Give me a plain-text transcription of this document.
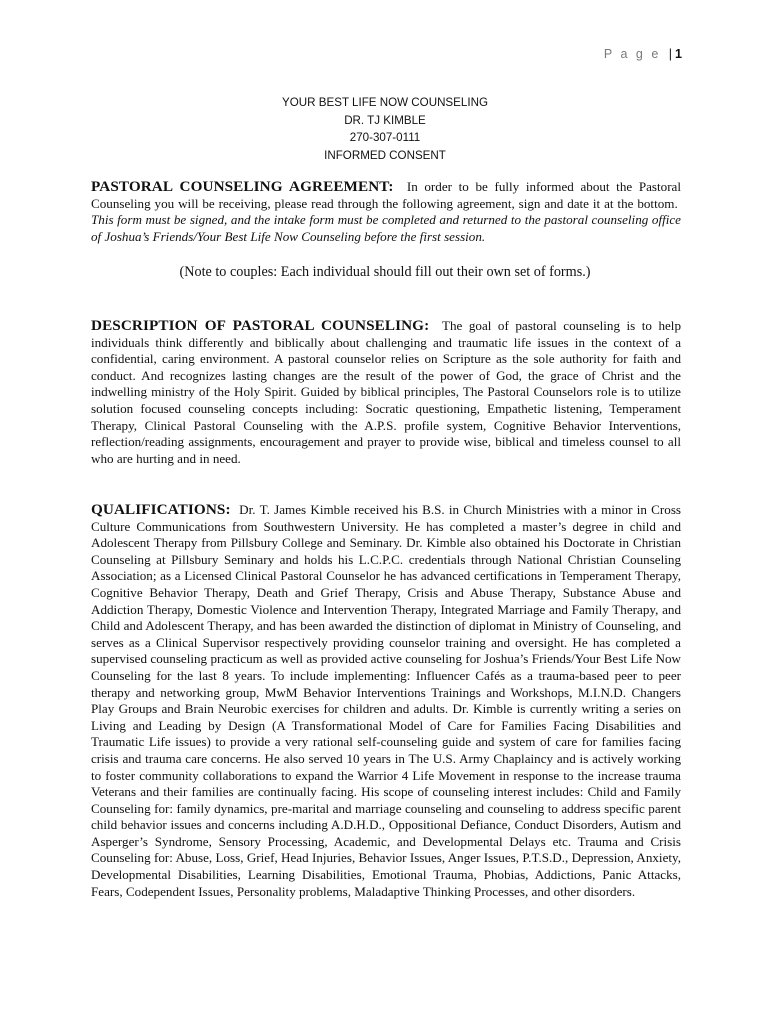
P a g e | 1
YOUR BEST LIFE NOW COUNSELING
DR. TJ KIMBLE
270-307-0111
INFORMED CONSENT
PASTORAL COUNSELING AGREEMENT: In order to be fully informed about the Pastoral Counseling you will be receiving, please read through the following agreement, sign and date it at the bottom.  This form must be signed, and the intake form must be completed and returned to the pastoral counseling office of Joshua’s Friends/Your Best Life Now Counseling before the first session.
(Note to couples: Each individual should fill out their own set of forms.)
DESCRIPTION OF PASTORAL COUNSELING: The goal of pastoral counseling is to help individuals think differently and biblically about challenging and traumatic life issues in the context of a confidential, caring environment. A pastoral counselor relies on Scripture as the sole authority for faith and conduct. And recognizes lasting changes are the result of the power of God, the grace of Christ and the indwelling ministry of the Holy Spirit. Guided by biblical principles, The Pastoral Counselors role is to utilize solution focused counseling concepts including: Socratic questioning, Empathetic listening, Temperament Therapy, Clinical Pastoral Counseling with the A.P.S. profile system, Cognitive Behavior Interventions, reflection/reading assignments, encouragement and prayer to provide wise, biblical and timeless counsel to all who are hurting and in need.
QUALIFICATIONS: Dr. T. James Kimble received his B.S. in Church Ministries with a minor in Cross Culture Communications from Southwestern University. He has completed a master’s degree in child and Adolescent Therapy from Pillsbury College and Seminary. Dr. Kimble also obtained his Doctorate in Christian Counseling at Pillsbury Seminary and holds his L.C.P.C. credentials through National Christian Counseling Association; as a Licensed Clinical Pastoral Counselor he has advanced certifications in Temperament Therapy, Cognitive Behavior Therapy, Death and Grief Therapy, Crisis and Abuse Therapy, Substance Abuse and Addiction Therapy, Domestic Violence and Intervention Therapy, Integrated Marriage and Family Therapy, and Child and Adolescent Therapy, and has been awarded the distinction of diplomat in Ministry of Counseling, and serves as a Clinical Supervisor respectively providing counselor training and oversight. He has completed a supervised counseling practicum as well as provided active counseling for Joshua’s Friends/Your Best Life Now Counseling for the last 8 years. To include implementing: Influencer Cafés as a trauma-based peer to peer therapy and networking group, MwM Behavior Interventions Trainings and Workshops, M.I.N.D. Changers Play Groups and Brain Neurobic exercises for children and adults. Dr. Kimble is currently writing a series on Living and Leading by Design (A Transformational Model of Care for Families Facing Disabilities and Traumatic Life issues) to provide a very rational self-counseling guide and system of care for families facing crisis and trauma care concerns. He also served 10 years in The U.S. Army Chaplaincy and is actively working to foster community collaborations to expand the Warrior 4 Life Movement in response to the increase trauma Veterans and their families are continually facing. His scope of counseling interest includes: Child and Family Counseling for: family dynamics, pre-marital and marriage counseling and counseling to address specific parent child behavior issues and concerns including A.D.H.D., Oppositional Defiance, Conduct Disorders, Autism and Asperger’s Syndrome, Sensory Processing, Academic, and Developmental Delays etc. Trauma and Crisis Counseling for: Abuse, Loss, Grief, Head Injuries, Behavior Issues, Anger Issues, P.T.S.D., Depression, Anxiety, Developmental Disabilities, Learning Disabilities, Emotional Trauma, Phobias, Addictions, Panic Attacks, Fears, Codependent Issues, Personality problems, Maladaptive Thinking Processes, and other disorders.
